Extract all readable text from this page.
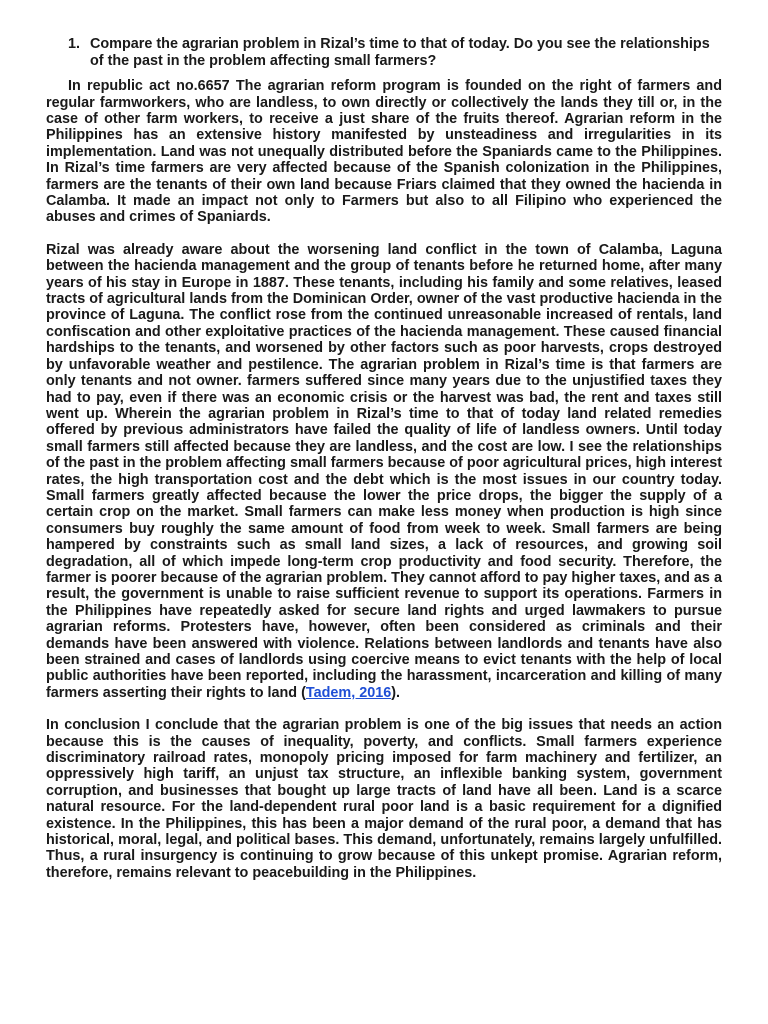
1. Compare the agrarian problem in Rizal’s time to that of today. Do you see the relationships of the past in the problem affecting small farmers?

In republic act no.6657 The agrarian reform program is founded on the right of farmers and regular farmworkers, who are landless, to own directly or collectively the lands they till or, in the case of other farm workers, to receive a just share of the fruits thereof. Agrarian reform in the Philippines has an extensive history manifested by unsteadiness and irregularities in its implementation. Land was not unequally distributed before the Spaniards came to the Philippines. In Rizal’s time farmers are very affected because of the Spanish colonization in the Philippines, farmers are the tenants of their own land because Friars claimed that they owned the hacienda in Calamba. It made an impact not only to Farmers but also to all Filipino who experienced the abuses and crimes of Spaniards.

Rizal was already aware about the worsening land conflict in the town of Calamba, Laguna between the hacienda management and the group of tenants before he returned home, after many years of his stay in Europe in 1887. These tenants, including his family and some relatives, leased tracts of agricultural lands from the Dominican Order, owner of the vast productive hacienda in the province of Laguna. The conflict rose from the continued unreasonable increased of rentals, land confiscation and other exploitative practices of the hacienda management. These caused financial hardships to the tenants, and worsened by other factors such as poor harvests, crops destroyed by unfavorable weather and pestilence. The agrarian problem in Rizal’s time is that farmers are only tenants and not owner. farmers suffered since many years due to the unjustified taxes they had to pay, even if there was an economic crisis or the harvest was bad, the rent and taxes still went up. Wherein the agrarian problem in Rizal’s time to that of today land related remedies offered by previous administrators have failed the quality of life of landless owners. Until today small farmers still affected because they are landless, and the cost are low. I see the relationships of the past in the problem affecting small farmers because of poor agricultural prices, high interest rates, the high transportation cost and the debt which is the most issues in our country today. Small farmers greatly affected because the lower the price drops, the bigger the supply of a certain crop on the market. Small farmers can make less money when production is high since consumers buy roughly the same amount of food from week to week. Small farmers are being hampered by constraints such as small land sizes, a lack of resources, and growing soil degradation, all of which impede long-term crop productivity and food security. Therefore, the farmer is poorer because of the agrarian problem. They cannot afford to pay higher taxes, and as a result, the government is unable to raise sufficient revenue to support its operations. Farmers in the Philippines have repeatedly asked for secure land rights and urged lawmakers to pursue agrarian reforms. Protesters have, however, often been considered as criminals and their demands have been answered with violence. Relations between landlords and tenants have also been strained and cases of landlords using coercive means to evict tenants with the help of local public authorities have been reported, including the harassment, incarceration and killing of many farmers asserting their rights to land (Tadem, 2016).

In conclusion I conclude that the agrarian problem is one of the big issues that needs an action because this is the causes of inequality, poverty, and conflicts. Small farmers experience discriminatory railroad rates, monopoly pricing imposed for farm machinery and fertilizer, an oppressively high tariff, an unjust tax structure, an inflexible banking system, government corruption, and businesses that bought up large tracts of land have all been. Land is a scarce natural resource. For the land-dependent rural poor land is a basic requirement for a dignified existence. In the Philippines, this has been a major demand of the rural poor, a demand that has historical, moral, legal, and political bases. This demand, unfortunately, remains largely unfulfilled. Thus, a rural insurgency is continuing to grow because of this unkept promise. Agrarian reform, therefore, remains relevant to peacebuilding in the Philippines.
